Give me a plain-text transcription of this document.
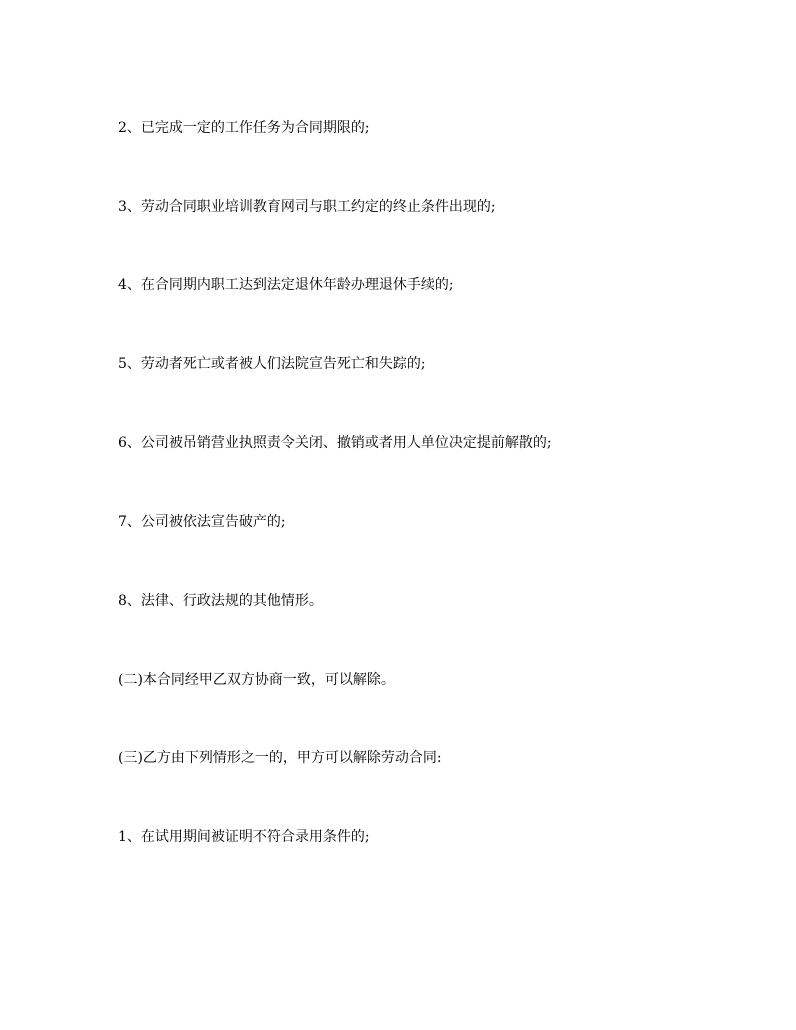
2、已完成一定的工作任务为合同期限的;

3、劳动合同职业培训教育网司与职工约定的终止条件出现的;

4、在合同期内职工达到法定退休年龄办理退休手续的;

5、劳动者死亡或者被人们法院宣告死亡和失踪的;

6、公司被吊销营业执照责令关闭、撤销或者用人单位决定提前解散的;

7、公司被依法宣告破产的;

8、法律、行政法规的其他情形。

(二)本合同经甲乙双方协商一致，可以解除。

(三)乙方由下列情形之一的，甲方可以解除劳动合同:

1、在试用期间被证明不符合录用条件的;
